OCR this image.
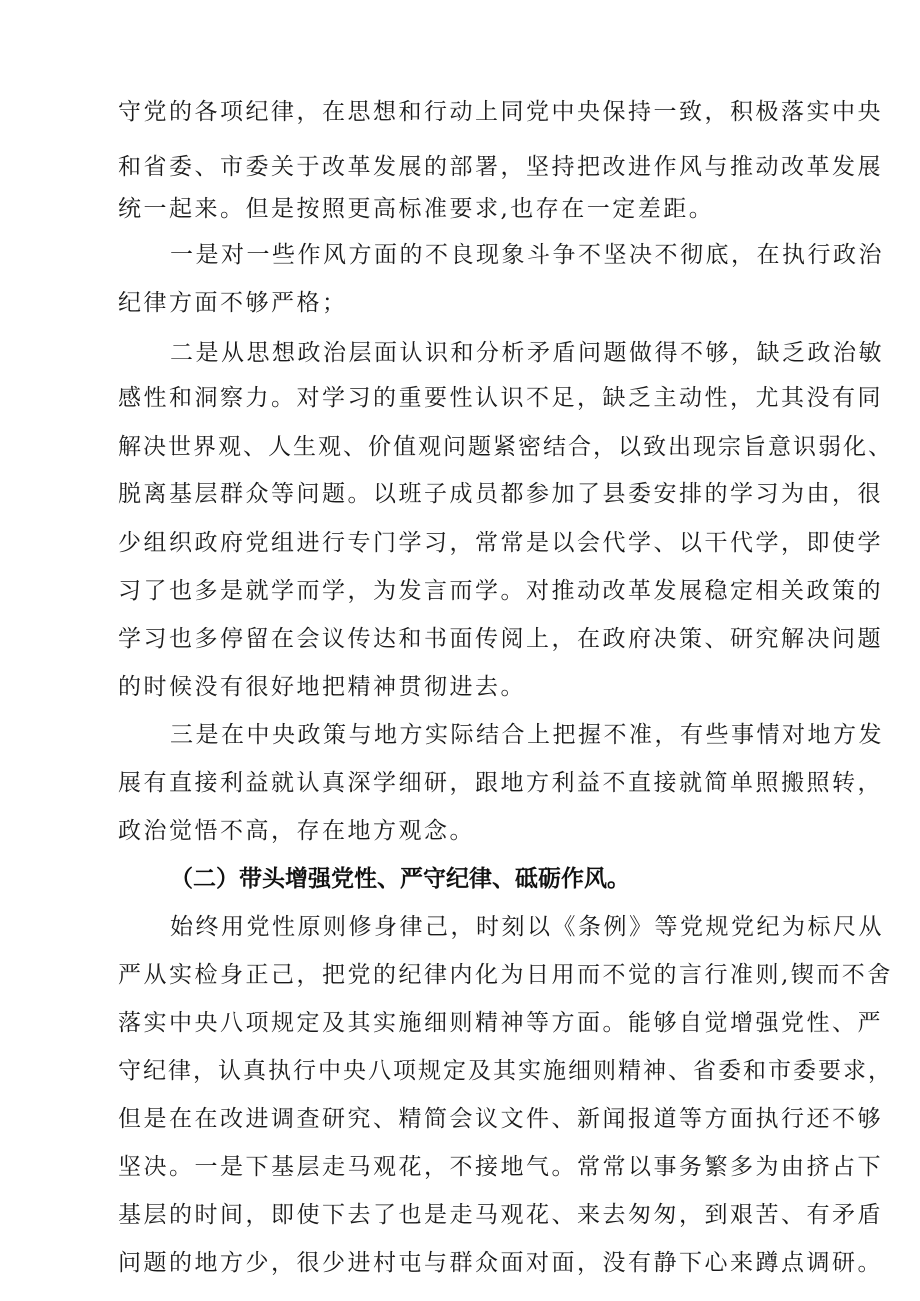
守党的各项纪律，在思想和行动上同党中央保持一致，积极落实中央
和省委、市委关于改革发展的部署，坚持把改进作风与推动改革发展
统一起来。但是按照更高标准要求,也存在一定差距。
一是对一些作风方面的不良现象斗争不坚决不彻底，在执行政治
纪律方面不够严格；
二是从思想政治层面认识和分析矛盾问题做得不够，缺乏政治敏
感性和洞察力。对学习的重要性认识不足，缺乏主动性，尤其没有同
解决世界观、人生观、价值观问题紧密结合，以致出现宗旨意识弱化、
脱离基层群众等问题。以班子成员都参加了县委安排的学习为由，很
少组织政府党组进行专门学习，常常是以会代学、以干代学，即使学
习了也多是就学而学，为发言而学。对推动改革发展稳定相关政策的
学习也多停留在会议传达和书面传阅上，在政府决策、研究解决问题
的时候没有很好地把精神贯彻进去。
三是在中央政策与地方实际结合上把握不准，有些事情对地方发
展有直接利益就认真深学细研，跟地方利益不直接就简单照搬照转，
政治觉悟不高，存在地方观念。
（二）带头增强党性、严守纪律、砥砺作风。
始终用党性原则修身律己，时刻以《条例》等党规党纪为标尺从
严从实检身正己，把党的纪律内化为日用而不觉的言行准则,锲而不舍
落实中央八项规定及其实施细则精神等方面。能够自觉增强党性、严
守纪律，认真执行中央八项规定及其实施细则精神、省委和市委要求，
但是在在改进调查研究、精简会议文件、新闻报道等方面执行还不够
坚决。一是下基层走马观花，不接地气。常常以事务繁多为由挤占下
基层的时间，即使下去了也是走马观花、来去匆匆，到艰苦、有矛盾
问题的地方少，很少进村屯与群众面对面，没有静下心来蹲点调研。
